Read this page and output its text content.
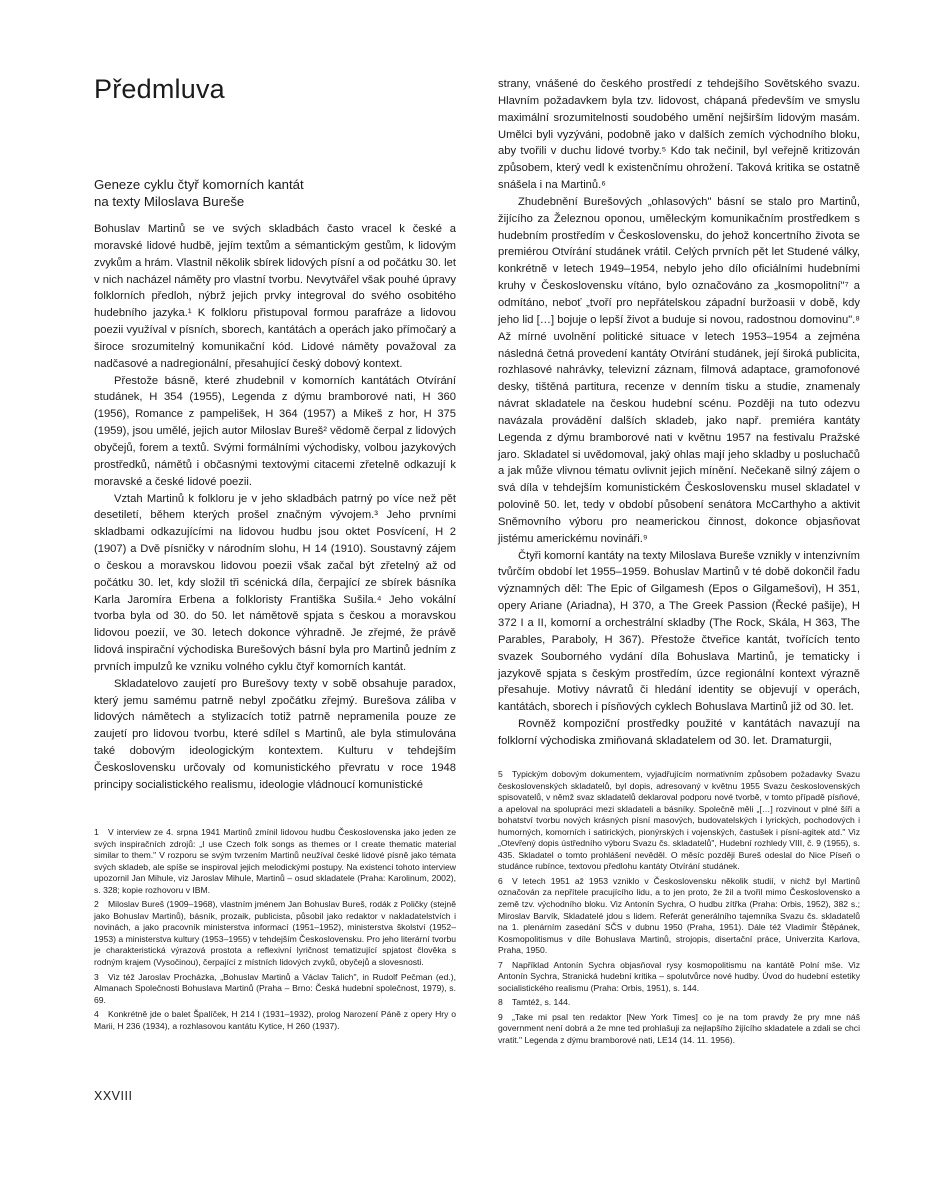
Předmluva
Geneze cyklu čtyř komorních kantát
na texty Miloslava Bureše

Bohuslav Martinů se ve svých skladbách často vracel k české a moravské lidové hudbě, jejím textům a sémantickým gestům, k lidovým zvykům a hrám. Vlastnil několik sbírek lidových písní a od počátku 30. let v nich nacházel náměty pro vlastní tvorbu. Nevytvářel však pouhé úpravy folklorních předloh, nýbrž jejich prvky integroval do svého osobitého hudebního jazyka.¹ K folkloru přistupoval formou parafráze a lidovou poezii využíval v písních, sborech, kantátách a operách jako přímočarý a široce srozumitelný komunikační kód. Lidové náměty považoval za nadčasové a nadregionální, přesahující český dobový kontext.

Přestože básně, které zhudebnil v komorních kantátách Otvírání studánek, H 354 (1955), Legenda z dýmu bramborové nati, H 360 (1956), Romance z pampelišek, H 364 (1957) a Mikeš z hor, H 375 (1959), jsou umělé, jejich autor Miloslav Bureš² vědomě čerpal z lidových obyčejů, forem a textů. Svými formálními východisky, volbou jazykových prostředků, námětů i občasnými textovými citacemi zřetelně odkazují k moravské a české lidové poezii.

Vztah Martinů k folkloru je v jeho skladbách patrný po více než pět desetiletí, během kterých prošel značným vývojem.³ Jeho prvními skladbami odkazujícími na lidovou hudbu jsou oktet Posvícení, H 2 (1907) a Dvě písničky v národním slohu, H 14 (1910). Soustavný zájem o českou a moravskou lidovou poezii však začal být zřetelný až od počátku 30. let, kdy složil tři scénická díla, čerpající ze sbírek básníka Karla Jaromíra Erbena a folkloristy Františka Sušila.⁴ Jeho vokální tvorba byla od 30. do 50. let námětově spjata s českou a moravskou lidovou poezií, ve 30. letech dokonce výhradně. Je zřejmé, že právě lidová inspirační východiska Burešových básní byla pro Martinů jedním z prvních impulzů ke vzniku volného cyklu čtyř komorních kantát.

Skladatelovo zaujetí pro Burešovy texty v sobě obsahuje paradox, který jemu samému patrně nebyl zpočátku zřejmý. Burešova záliba v lidových námětech a stylizacích totiž patrně nepramenila pouze ze zaujetí pro lidovou tvorbu, které sdílel s Martinů, ale byla stimulována také dobovým ideologickým kontextem. Kulturu v tehdejším Československu určovaly od komunistického převratu v roce 1948 principy socialistického realismu, ideologie vládnoucí komunistické

strany, vnášené do českého prostředí z tehdejšího Sovětského svazu. Hlavním požadavkem byla tzv. lidovost, chápaná především ve smyslu maximální srozumitelnosti soudobého umění nejširším lidovým masám. Umělci byli vyzýváni, podobně jako v dalších zemích východního bloku, aby tvořili v duchu lidové tvorby.⁵ Kdo tak nečinil, byl veřejně kritizován způsobem, který vedl k existenčnímu ohrožení. Taková kritika se ostatně snášela i na Martinů.⁶

Zhudebnění Burešových „ohlasových" básní se stalo pro Martinů, žijícího za Železnou oponou, uměleckým komunikačním prostředkem s hudebním prostředím v Československu, do jehož koncertního života se premiérou Otvírání studánek vrátil. Celých prvních pět let Studené války, konkrétně v letech 1949–1954, nebylo jeho dílo oficiálními hudebními kruhy v Československu vítáno, bylo označováno za „kosmopolitní"⁷ a odmítáno, neboť „tvoří pro nepřátelskou západní buržoasii v době, kdy jeho lid […] bojuje o lepší život a buduje si novou, radostnou domovinu".⁸ Až mírné uvolnění politické situace v letech 1953–1954 a zejména následná četná provedení kantáty Otvírání studánek, její široká publicita, rozhlasové nahrávky, televizní záznam, filmová adaptace, gramofonové desky, tištěná partitura, recenze v denním tisku a studie, znamenaly návrat skladatele na českou hudební scénu. Později na tuto odezvu navázala provádění dalších skladeb, jako např. premiéra kantáty Legenda z dýmu bramborové nati v květnu 1957 na festivalu Pražské jaro. Skladatel si uvědomoval, jaký ohlas mají jeho skladby u posluchačů a jak může vlivnou tématu ovlivnit jejich mínění. Nečekaně silný zájem o svá díla v tehdejším komunistickém Československu musel skladatel v polovině 50. let, tedy v období působení senátora McCarthyho a aktivit Sněmovního výboru pro neamerickou činnost, dokonce objasňovat jistému americkému novináři.⁹

Čtyři komorní kantáty na texty Miloslava Bureše vznikly v intenzivním tvůrčím období let 1955–1959. Bohuslav Martinů v té době dokončil řadu významných děl: The Epic of Gilgamesh (Epos o Gilgamešovi), H 351, opery Ariane (Ariadna), H 370, a The Greek Passion (Řecké pašije), H 372 I a II, komorní a orchestrální skladby (The Rock, Skála, H 363, The Parables, Paraboly, H 367). Přestože čtveřice kantát, tvořících tento svazek Souborného vydání díla Bohuslava Martinů, je tematicky i jazykově spjata s českým prostředím, úzce regionální kontext výrazně přesahuje. Motivy návratů či hledání identity se objevují v operách, kantátách, sborech i písňových cyklech Bohuslava Martinů již od 30. let.

Rovněž kompoziční prostředky použité v kantátách navazují na folklorní východiska zmiňovaná skladatelem od 30. let. Dramaturgii,

1 V interview ze 4. srpna 1941 Martinů zmínil lidovou hudbu Československa jako jeden ze svých inspiračních zdrojů: „I use Czech folk songs as themes or I create thematic material similar to them." V rozporu se svým tvrzením Martinů neužíval české lidové písně jako témata svých skladeb, ale spíše se inspiroval jejich melodickými postupy. Na existenci tohoto interview upozornil Jan Mihule, viz Jaroslav Mihule, Martinů – osud skladatele (Praha: Karolinum, 2002), s. 328; kopie rozhovoru v IBM.

2 Miloslav Bureš (1909–1968), vlastním jménem Jan Bohuslav Bureš, rodák z Poličky (stejně jako Bohuslav Martinů), básník, prozaik, publicista, působil jako redaktor v nakladatelstvích i novinách, a jako pracovník ministerstva informací (1951–1952), ministerstva školství (1952–1953) a ministerstva kultury (1953–1955) v tehdejším Československu. Pro jeho literární tvorbu je charakteristická výrazová prostota a reflexivní lyričnost tematizující spjatost člověka s rodným krajem (Vysočinou), čerpající z místních lidových zvyků, obyčejů a slovesnosti.

3 Viz též Jaroslav Procházka, „Bohuslav Martinů a Václav Talich", in Rudolf Pečman (ed.), Almanach Společnosti Bohuslava Martinů (Praha – Brno: Česká hudební společnost, 1979), s. 69.

4 Konkrétně jde o balet Špalíček, H 214 I (1931–1932), prolog Narození Páně z opery Hry o Marii, H 236 (1934), a rozhlasovou kantátu Kytice, H 260 (1937).

5 Typickým dobovým dokumentem, vyjadřujícím normativním způsobem požadavky Svazu československých skladatelů, byl dopis, adresovaný v květnu 1955 Svazu československých spisovatelů, v němž svaz skladatelů deklaroval podporu nové tvorbě, v tomto případě písňové, a apeloval na spolupráci mezi skladateli a básníky. Společně měli „[…] rozvinout v plné šíři a bohatství tvorbu nových krásných písní masových, budovatelských i lyrických, pochodových i humorných, komorních i satirických, pionýrských i vojenských, častušek i písní-agitek atd." Viz „Otevřený dopis ústředního výboru Svazu čs. skladatelů", Hudební rozhledy VIII, č. 9 (1955), s. 435. Skladatel o tomto prohlášení nevěděl. O měsíc později Bureš odeslal do Nice Píseň o studánce rubínce, textovou předlohu kantáty Otvírání studánek.

6 V letech 1951 až 1953 vzniklo v Československu několik studií, v nichž byl Martinů označován za nepřítele pracujícího lidu, a to jen proto, že žil a tvořil mimo Československo a země tzv. východního bloku. Viz Antonín Sychra, O hudbu zítřka (Praha: Orbis, 1952), 382 s.; Miroslav Barvík, Skladatelé jdou s lidem. Referát generálního tajemníka Svazu čs. skladatelů na 1. plenárním zasedání SČS v dubnu 1950 (Praha, 1951). Dále též Vladimír Štěpánek, Kosmopolitismus v díle Bohuslava Martinů, strojopis, disertační práce, Univerzita Karlova, Praha, 1950.

7 Například Antonín Sychra objasňoval rysy kosmopolitismu na kantátě Polní mše. Viz Antonín Sychra, Stranická hudební kritika – spolutvůrce nové hudby. Úvod do hudební estetiky socialistického realismu (Praha: Orbis, 1951), s. 144.

8 Tamtéž, s. 144.

9 „Take mi psal ten redaktor [New York Times] co je na tom pravdy že pry mne náš government není dobrá a že mne ted prohlašuji za nejlapšího žijícího skladatele a zdali se chci vratit." Legenda z dýmu bramborové nati, LE14 (14. 11. 1956).

XXVIII
